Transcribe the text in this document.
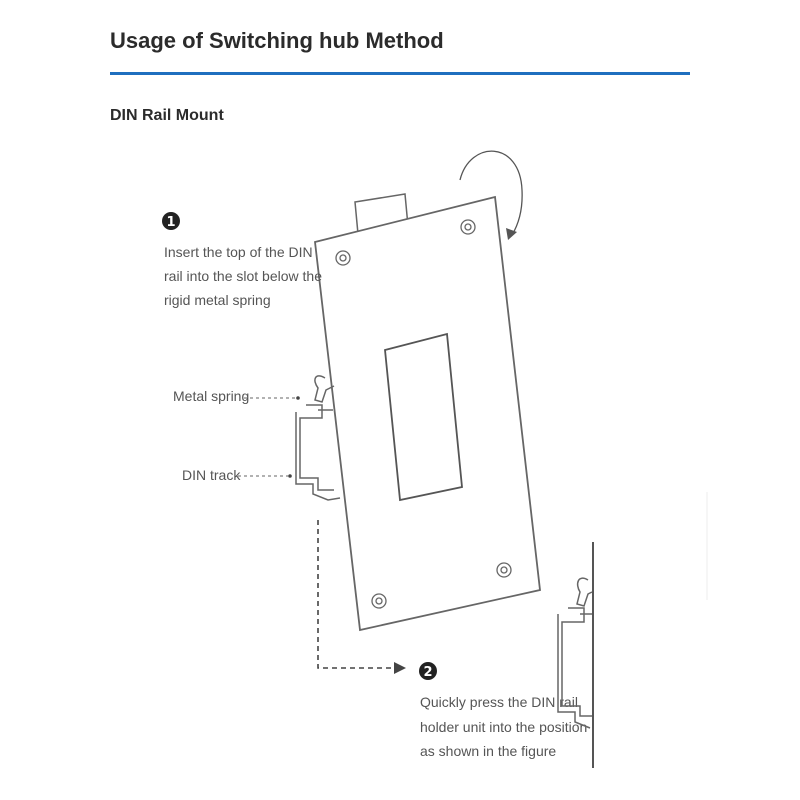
Usage of Switching hub Method
DIN Rail Mount
1
Insert the top of the DIN rail into the slot below the rigid metal spring
Metal spring
DIN track
2
Quickly press the DIN rail holder unit into the position as shown in the figure
